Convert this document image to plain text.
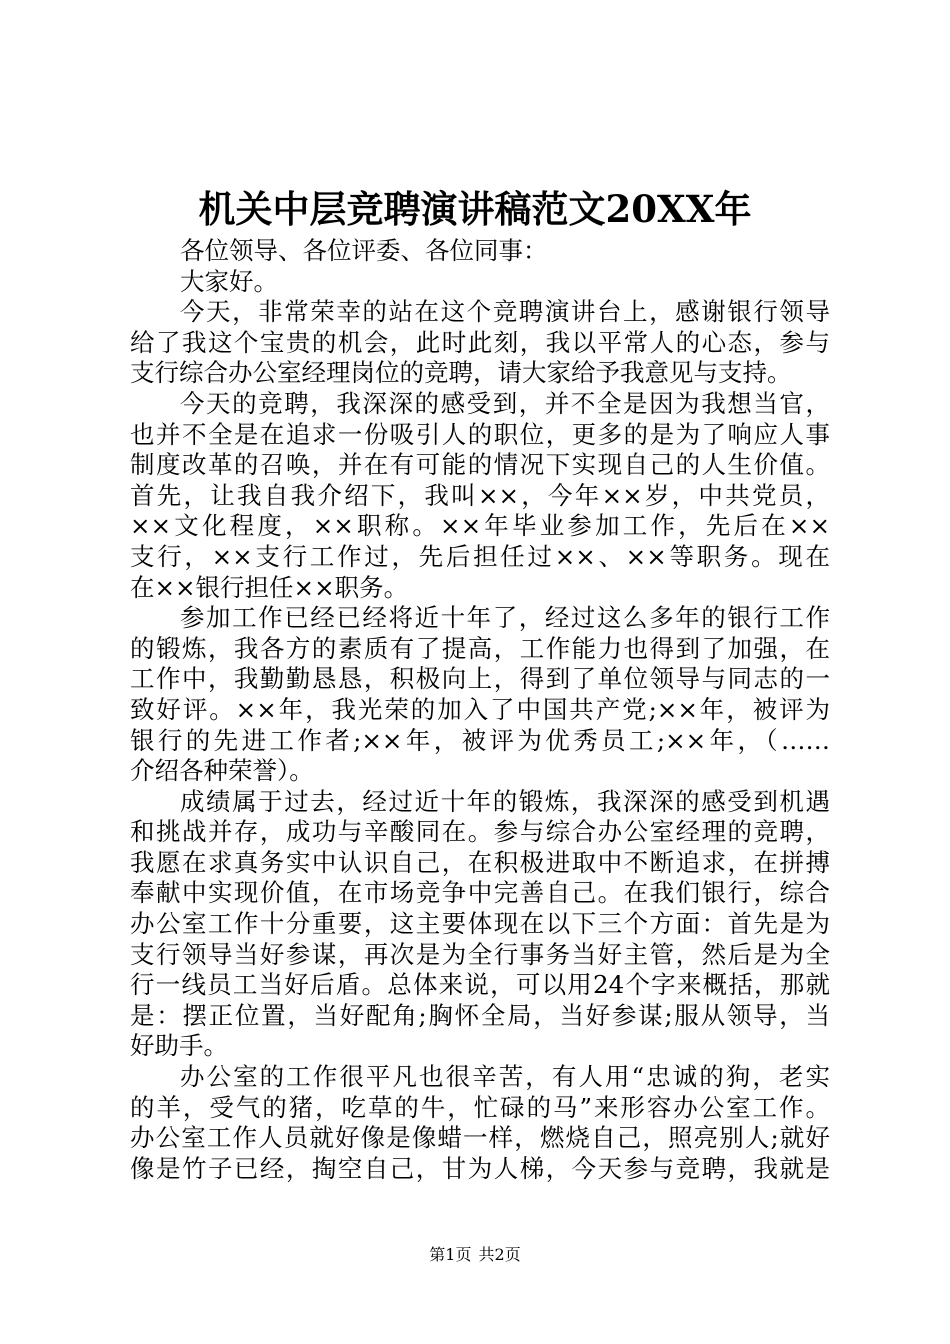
机关中层竞聘演讲稿范文20XX年
各位领导、各位评委、各位同事：
大家好。
今天，非常荣幸的站在这个竞聘演讲台上，感谢银行领导
给了我这个宝贵的机会，此时此刻，我以平常人的心态，参与
支行综合办公室经理岗位的竞聘，请大家给予我意见与支持。
今天的竞聘，我深深的感受到，并不全是因为我想当官，
也并不全是在追求一份吸引人的职位，更多的是为了响应人事
制度改革的召唤，并在有可能的情况下实现自己的人生价值。
首先，让我自我介绍下，我叫××，今年××岁，中共党员，
××文化程度，××职称。××年毕业参加工作，先后在××
支行，××支行工作过，先后担任过××、××等职务。现在
在××银行担任××职务。
参加工作已经已经将近十年了，经过这么多年的银行工作
的锻炼，我各方的素质有了提高，工作能力也得到了加强，在
工作中，我勤勤恳恳，积极向上，得到了单位领导与同志的一
致好评。××年，我光荣的加入了中国共产党;××年，被评为
银行的先进工作者;××年，被评为优秀员工;××年，（……
介绍各种荣誉）。
成绩属于过去，经过近十年的锻炼，我深深的感受到机遇
和挑战并存，成功与辛酸同在。参与综合办公室经理的竞聘，
我愿在求真务实中认识自己，在积极进取中不断追求，在拼搏
奉献中实现价值，在市场竞争中完善自己。在我们银行，综合
办公室工作十分重要，这主要体现在以下三个方面：首先是为
支行领导当好参谋，再次是为全行事务当好主管，然后是为全
行一线员工当好后盾。总体来说，可以用24个字来概括，那就
是：摆正位置，当好配角;胸怀全局，当好参谋;服从领导，当
好助手。
办公室的工作很平凡也很辛苦，有人用“忠诚的狗，老实
的羊，受气的猪，吃草的牛，忙碌的马”来形容办公室工作。
办公室工作人员就好像是像蜡一样，燃烧自己，照亮别人;就好
像是竹子已经，掏空自己，甘为人梯，今天参与竞聘，我就是
第1页 共2页
